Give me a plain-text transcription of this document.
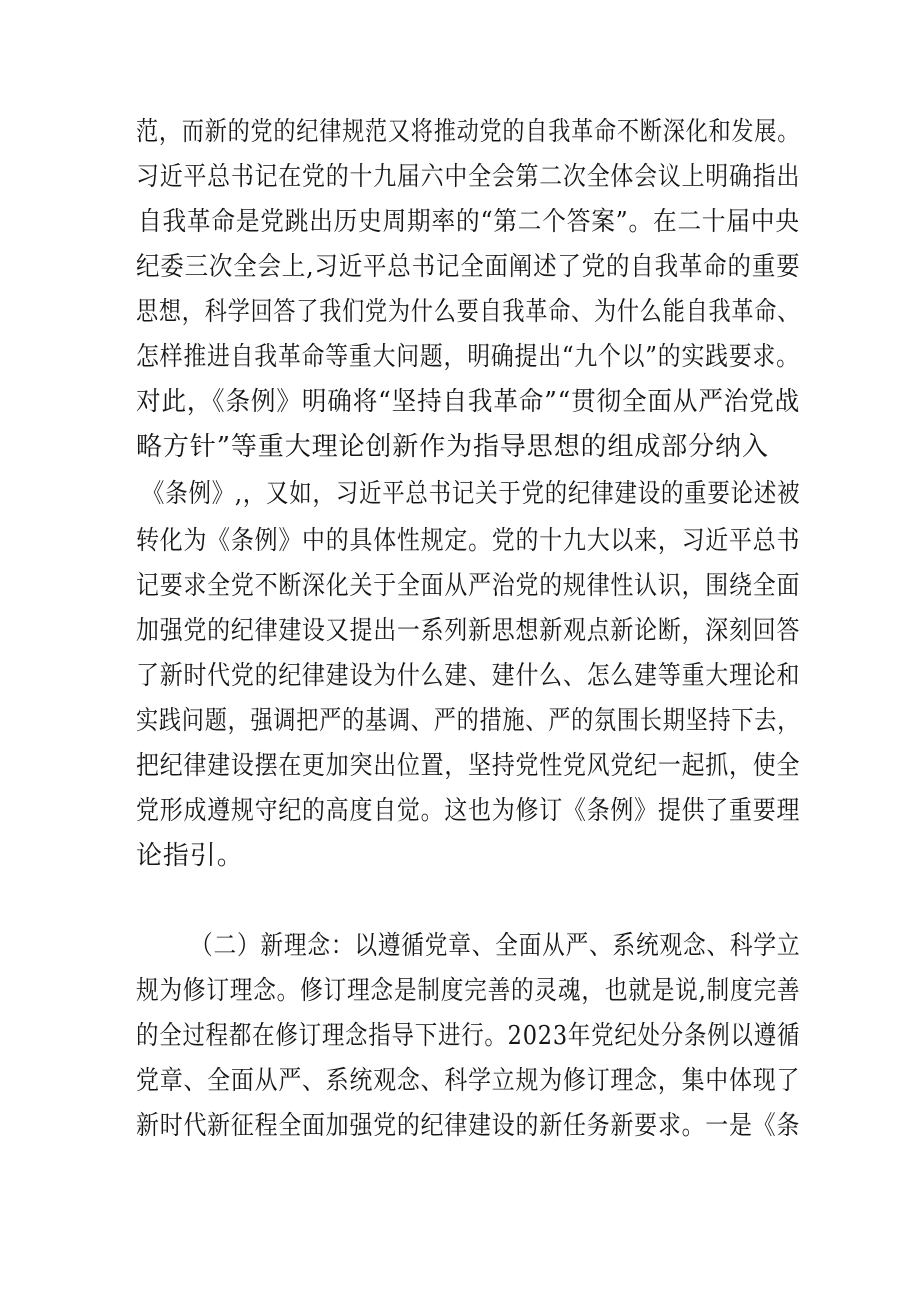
范，而新的党的纪律规范又将推动党的自我革命不断深化和发展。
习近平总书记在党的十九届六中全会第二次全体会议上明确指出
自我革命是党跳出历史周期率的“第二个答案”。在二十届中央
纪委三次全会上,习近平总书记全面阐述了党的自我革命的重要
思想，科学回答了我们党为什么要自我革命、为什么能自我革命、
怎样推进自我革命等重大问题，明确提出“九个以”的实践要求。
对此，《条例》明确将“坚持自我革命”“贯彻全面从严治党战
略方针”等重大理论创新作为指导思想的组成部分纳入
《条例》,，又如，习近平总书记关于党的纪律建设的重要论述被
转化为《条例》中的具体性规定。党的十九大以来，习近平总书
记要求全党不断深化关于全面从严治党的规律性认识，围绕全面
加强党的纪律建设又提出一系列新思想新观点新论断，深刻回答
了新时代党的纪律建设为什么建、建什么、怎么建等重大理论和
实践问题，强调把严的基调、严的措施、严的氛围长期坚持下去，
把纪律建设摆在更加突出位置，坚持党性党风党纪一起抓，使全
党形成遵规守纪的高度自觉。这也为修订《条例》提供了重要理
论指引。
（二）新理念：以遵循党章、全面从严、系统观念、科学立
规为修订理念。修订理念是制度完善的灵魂，也就是说,制度完善
的全过程都在修订理念指导下进行。2023年党纪处分条例以遵循
党章、全面从严、系统观念、科学立规为修订理念，集中体现了
新时代新征程全面加强党的纪律建设的新任务新要求。一是《条
